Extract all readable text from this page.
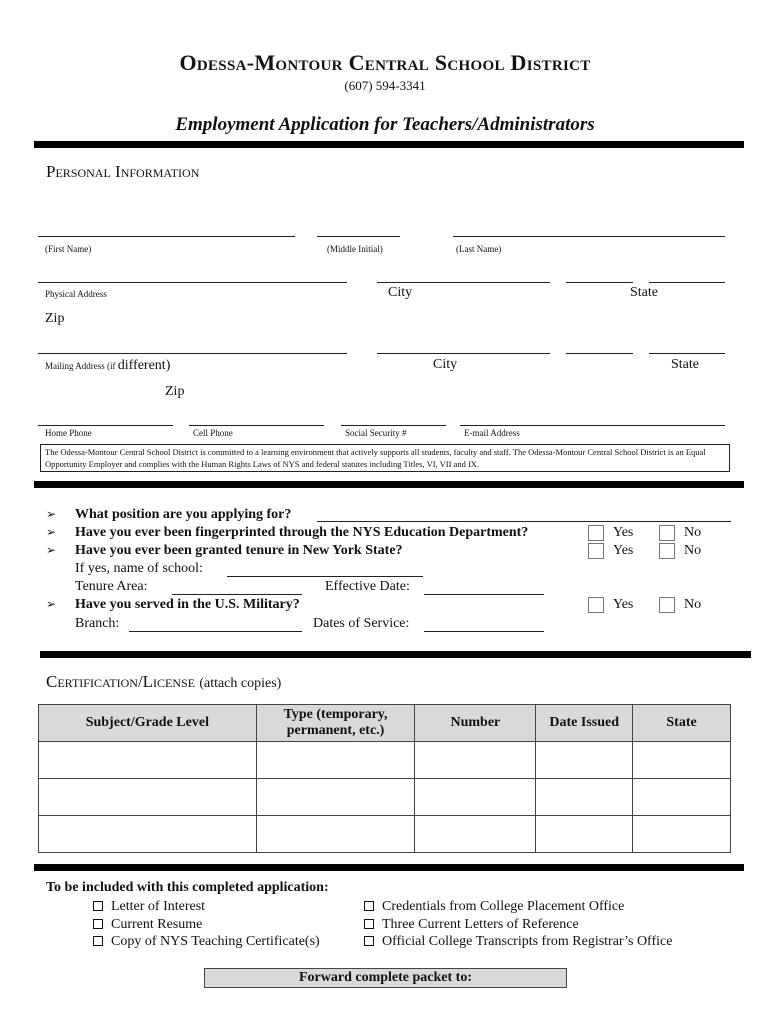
Odessa-Montour Central School District
(607) 594-3341
Employment Application for Teachers/Administrators
Personal Information
(First Name)	(Middle Initial)	(Last Name)
Physical Address	City	State
Zip
Mailing Address (if different)	City	State
Zip
Home Phone	Cell Phone	Social Security #	E-mail Address
The Odessa-Montour Central School District is committed to a learning environment that actively supports all students, faculty and staff. The Odessa-Montour Central School District is an Equal Opportunity Employer and complies with the Human Rights Laws of NYS and federal statutes including Titles, VI, VII and IX.
➢ What position are you applying for?
➢ Have you ever been fingerprinted through the NYS Education Department?	Yes	No
➢ Have you ever been granted tenure in New York State?	Yes	No
If yes, name of school:
Tenure Area:	Effective Date:
➢ Have you served in the U.S. Military?	Yes	No
Branch:	Dates of Service:
Certification/License (attach copies)
Subject/Grade Level	Type (temporary, permanent, etc.)	Number	Date Issued	State

To be included with this completed application:
Letter of Interest
Current Resume
Copy of NYS Teaching Certificate(s)
Credentials from College Placement Office
Three Current Letters of Reference
Official College Transcripts from Registrar’s Office
Forward complete packet to:
